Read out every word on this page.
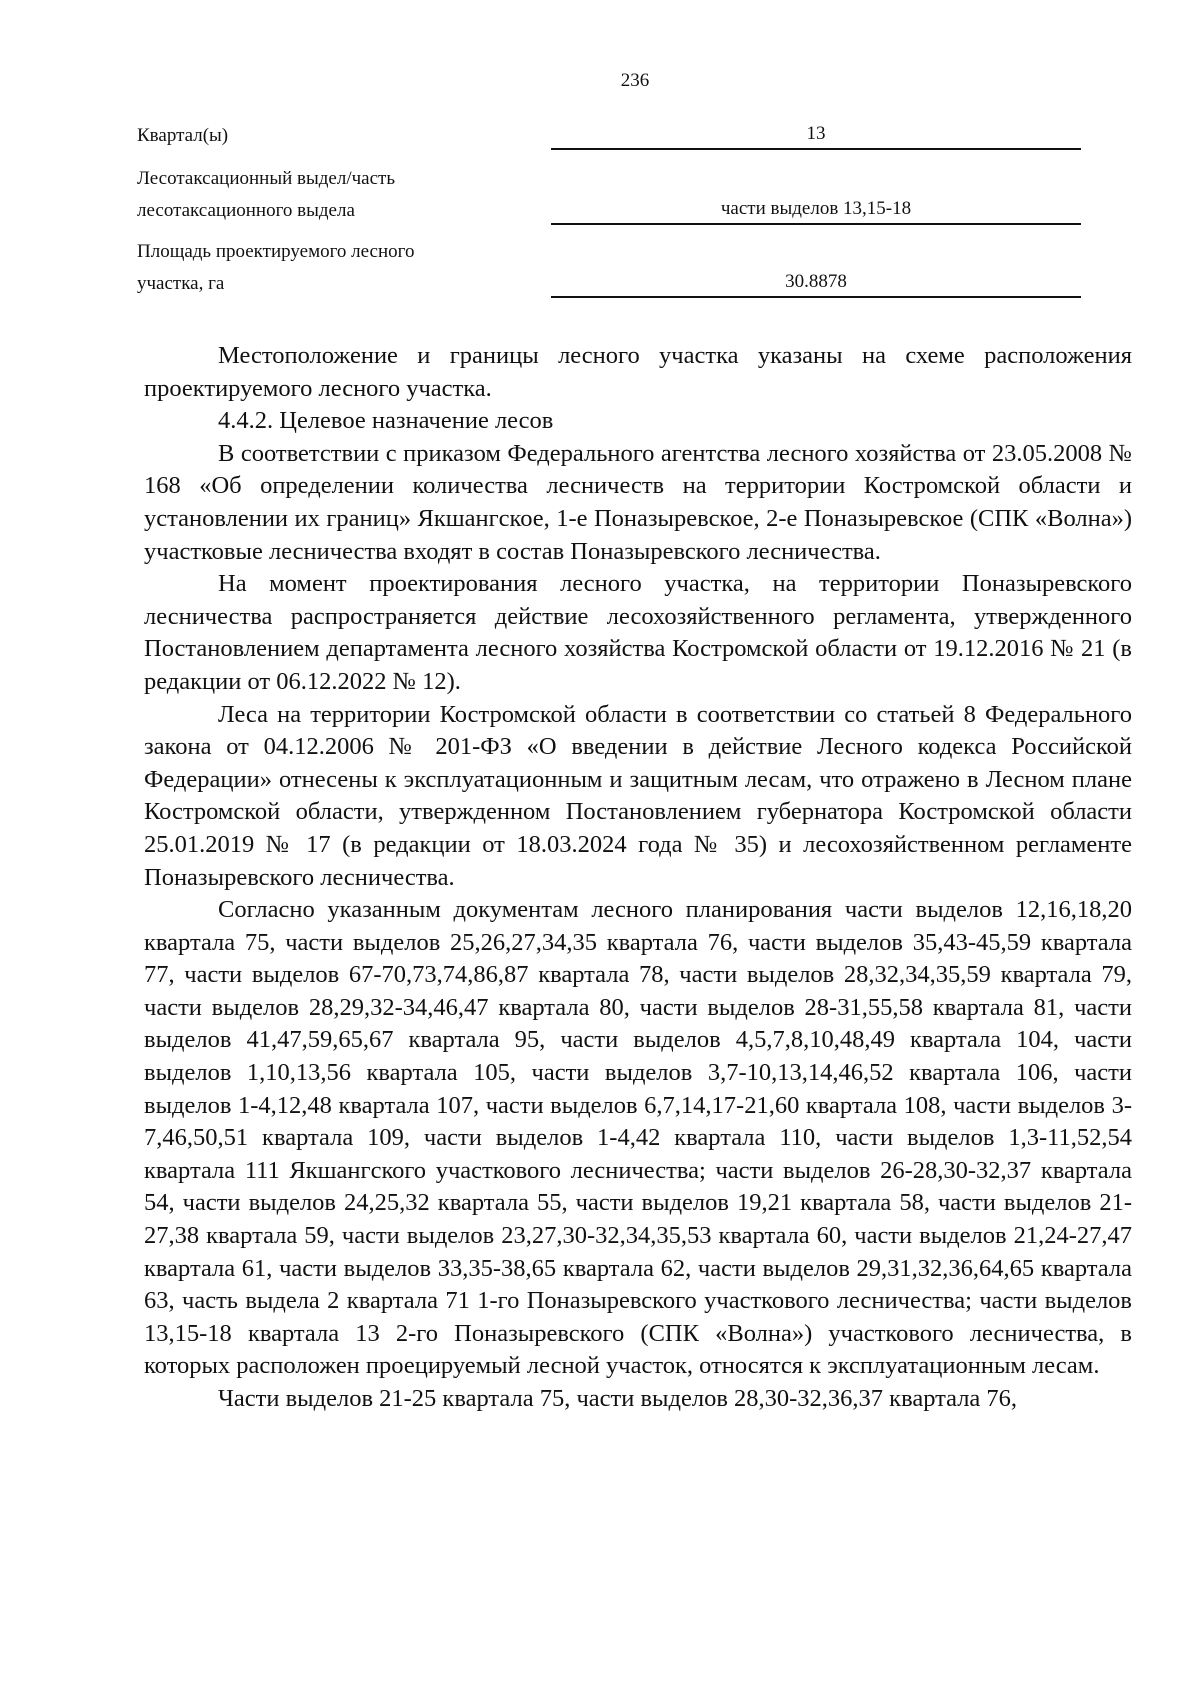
236
Квартал(ы)	13
Лесотаксационный выдел/часть
лесотаксационного выдела	части выделов 13,15-18
Площадь проектируемого лесного
участка, га	30.8878

Местоположение и границы лесного участка указаны на схеме расположения проектируемого лесного участка.

4.4.2. Целевое назначение лесов

В соответствии с приказом Федерального агентства лесного хозяйства от 23.05.2008 № 168 «Об определении количества лесничеств на территории Костромской области и установлении их границ» Якшангское, 1-е Поназыревское, 2-е Поназыревское (СПК «Волна») участковые лесничества входят в состав Поназыревского лесничества.

На момент проектирования лесного участка, на территории Поназыревского лесничества распространяется действие лесохозяйственного регламента, утвержденного Постановлением департамента лесного хозяйства Костромской области от 19.12.2016 № 21 (в редакции от 06.12.2022 № 12).

Леса на территории Костромской области в соответствии со статьей 8 Федерального закона от 04.12.2006 № 201-ФЗ «О введении в действие Лесного кодекса Российской Федерации» отнесены к эксплуатационным и защитным лесам, что отражено в Лесном плане Костромской области, утвержденном Постановлением губернатора Костромской области 25.01.2019 № 17 (в редакции от 18.03.2024 года № 35) и лесохозяйственном регламенте Поназыревского лесничества.

Согласно указанным документам лесного планирования части выделов 12,16,18,20 квартала 75, части выделов 25,26,27,34,35 квартала 76, части выделов 35,43-45,59 квартала 77, части выделов 67-70,73,74,86,87 квартала 78, части выделов 28,32,34,35,59 квартала 79, части выделов 28,29,32-34,46,47 квартала 80, части выделов 28-31,55,58 квартала 81, части выделов 41,47,59,65,67 квартала 95, части выделов 4,5,7,8,10,48,49 квартала 104, части выделов 1,10,13,56 квартала 105, части выделов 3,7-10,13,14,46,52 квартала 106, части выделов 1-4,12,48 квартала 107, части выделов 6,7,14,17-21,60 квартала 108, части выделов 3-7,46,50,51 квартала 109, части выделов 1-4,42 квартала 110, части выделов 1,3-11,52,54 квартала 111 Якшангского участкового лесничества; части выделов 26-28,30-32,37 квартала 54, части выделов 24,25,32 квартала 55, части выделов 19,21 квартала 58, части выделов 21-27,38 квартала 59, части выделов 23,27,30-32,34,35,53 квартала 60, части выделов 21,24-27,47 квартала 61, части выделов 33,35-38,65 квартала 62, части выделов 29,31,32,36,64,65 квартала 63, часть выдела 2 квартала 71 1-го Поназыревского участкового лесничества; части выделов 13,15-18 квартала 13 2-го Поназыревского (СПК «Волна») участкового лесничества, в которых расположен проецируемый лесной участок, относятся к эксплуатационным лесам.

Части выделов 21-25 квартала 75, части выделов 28,30-32,36,37 квартала 76,
